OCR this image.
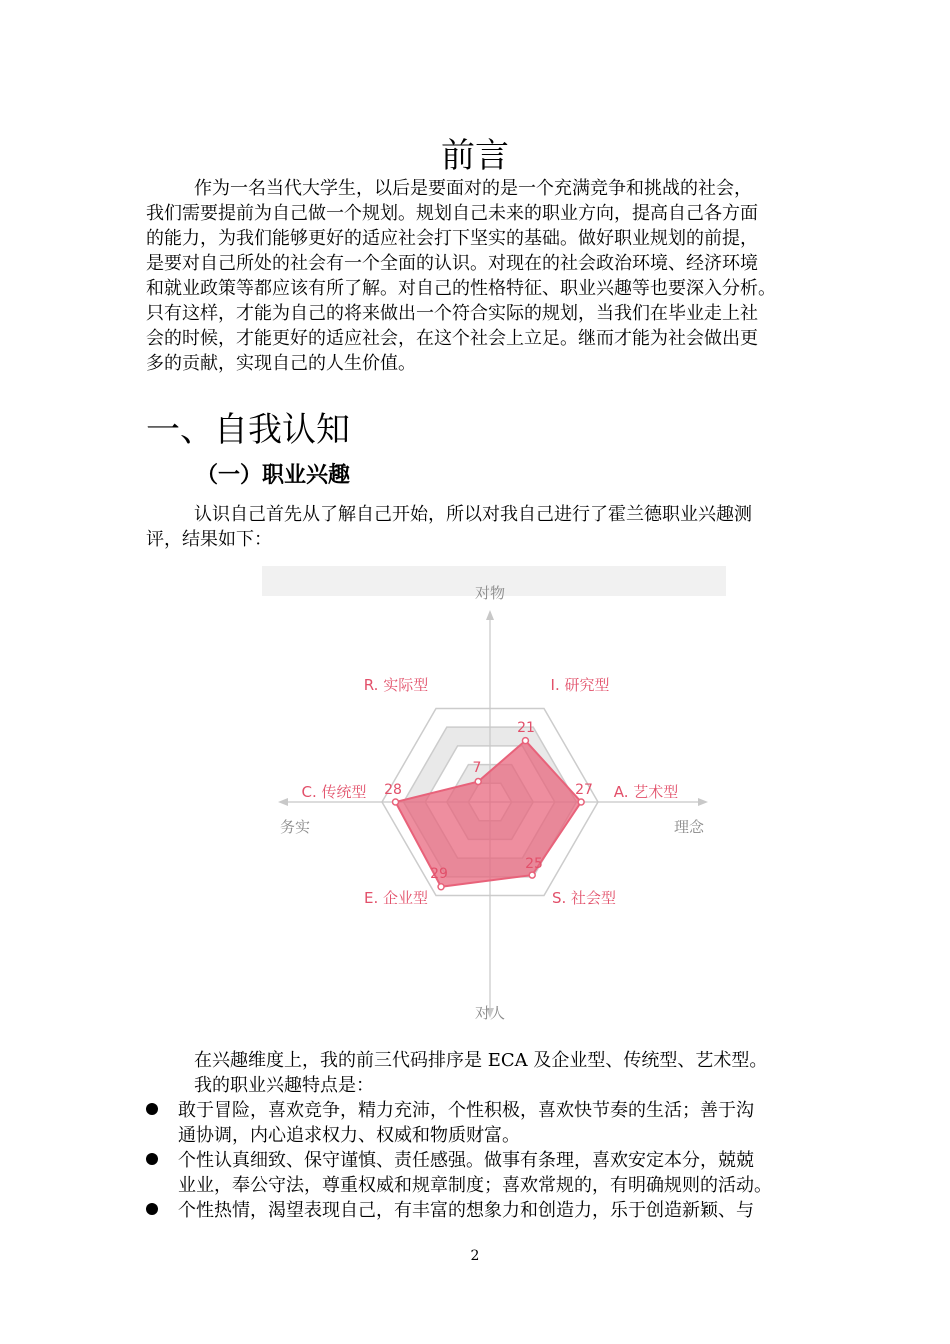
前言
作为一名当代大学生，以后是要面对的是一个充满竞争和挑战的社会，
我们需要提前为自己做一个规划。规划自己未来的职业方向，提高自己各方面
的能力，为我们能够更好的适应社会打下坚实的基础。做好职业规划的前提，
是要对自己所处的社会有一个全面的认识。对现在的社会政治环境、经济环境
和就业政策等都应该有所了解。对自己的性格特征、职业兴趣等也要深入分析。
只有这样，才能为自己的将来做出一个符合实际的规划，当我们在毕业走上社
会的时候，才能更好的适应社会，在这个社会上立足。继而才能为社会做出更
多的贡献，实现自己的人生价值。
一、自我认知
（一）职业兴趣
认识自己首先从了解自己开始，所以对我自己进行了霍兰德职业兴趣测
评，结果如下：
对物
对人
务实	理念
R. 实际型	I. 研究型
A. 艺术型
S. 社会型
E. 企业型
C. 传统型
7
21
27
25
29
28
在兴趣维度上，我的前三代码排序是 ECA 及企业型、传统型、艺术型。
我的职业兴趣特点是：
敢于冒险，喜欢竞争，精力充沛，个性积极，喜欢快节奏的生活；善于沟
通协调，内心追求权力、权威和物质财富。
个性认真细致、保守谨慎、责任感强。做事有条理，喜欢安定本分，兢兢
业业，奉公守法，尊重权威和规章制度；喜欢常规的，有明确规则的活动。
个性热情，渴望表现自己，有丰富的想象力和创造力，乐于创造新颖、与
2
